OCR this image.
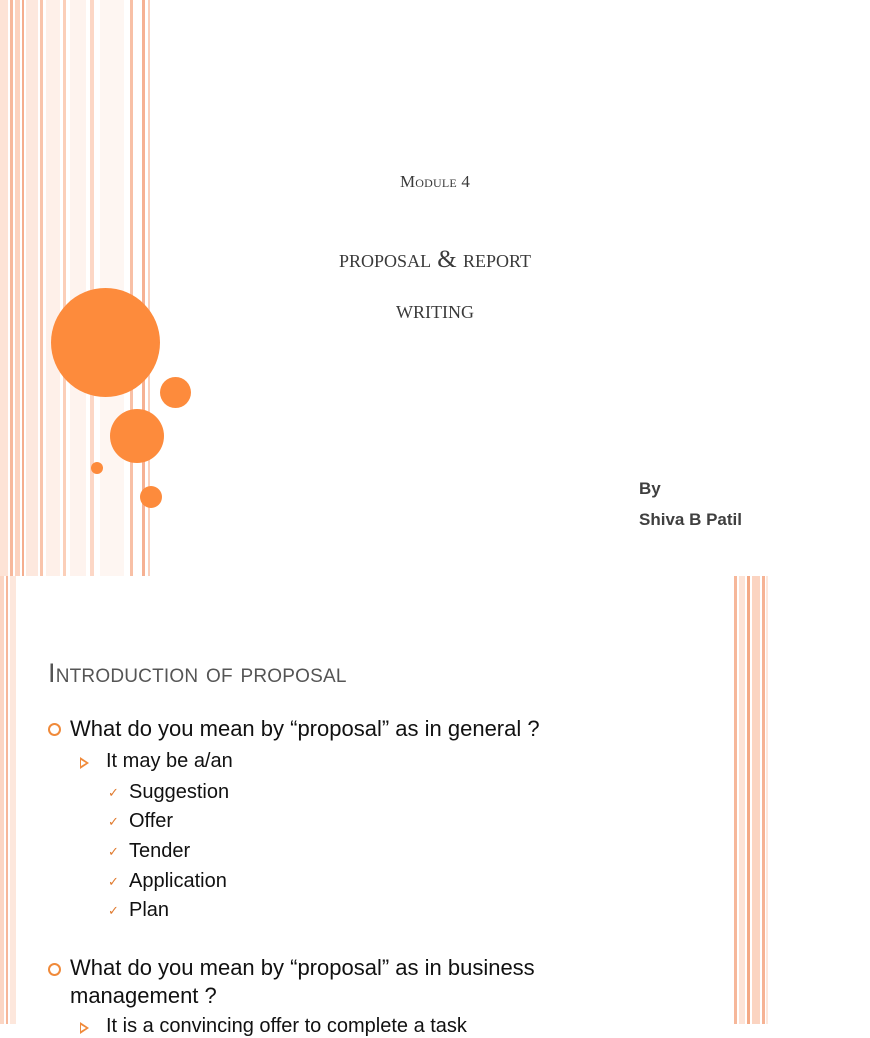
Module 4
proposal & report
writing
By
Shiva B Patil
Introduction of proposal
What do you mean by “proposal” as in general ?
It may be a/an
✓ Suggestion
✓ Offer
✓ Tender
✓ Application
✓ Plan
What do you mean by “proposal” as in business
management ?
It is a convincing offer to complete a task
